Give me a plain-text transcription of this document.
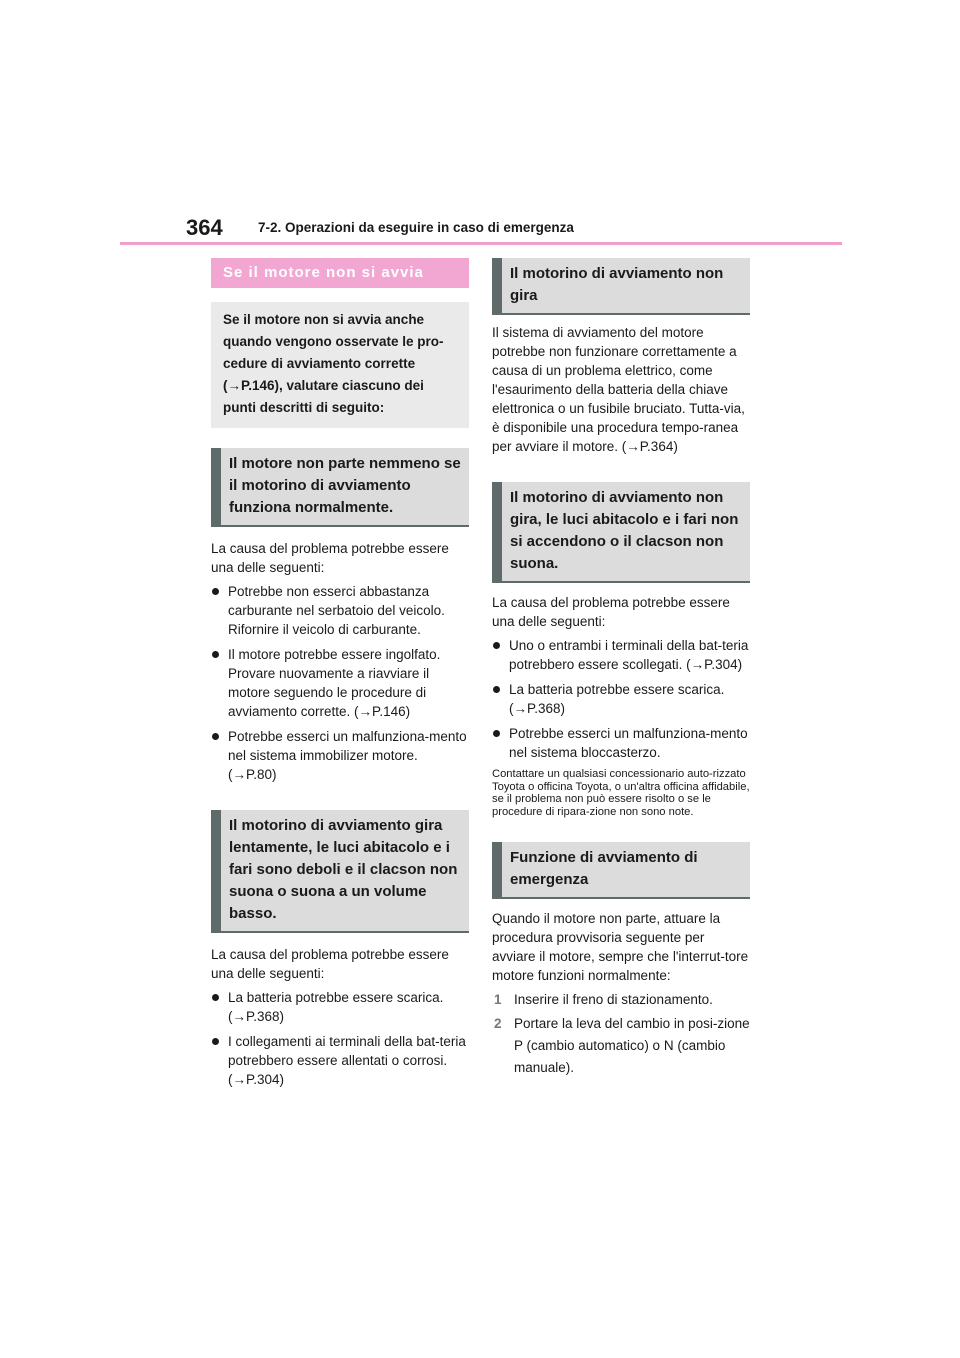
364	7-2. Operazioni da eseguire in caso di emergenza
Se il motore non si avvia
Se il motore non si avvia anche quando vengono osservate le pro-cedure di avviamento corrette (→P.146), valutare ciascuno dei punti descritti di seguito:
Il motore non parte nemmeno se il motorino di avviamento funziona normalmente.

La causa del problema potrebbe essere una delle seguenti:

Potrebbe non esserci abbastanza carburante nel serbatoio del veicolo. Rifornire il veicolo di carburante.
Il motore potrebbe essere ingolfato. Provare nuovamente a riavviare il motore seguendo le procedure di avviamento corrette. (→P.146)
Potrebbe esserci un malfunziona-mento nel sistema immobilizer motore. (→P.80)
Il motorino di avviamento gira lentamente, le luci abitacolo e i fari sono deboli e il clacson non suona o suona a un volume basso.

La causa del problema potrebbe essere una delle seguenti:

La batteria potrebbe essere scarica. (→P.368)
I collegamenti ai terminali della bat-teria potrebbero essere allentati o corrosi. (→P.304)
Il motorino di avviamento non gira

Il sistema di avviamento del motore potrebbe non funzionare correttamente a causa di un problema elettrico, come l'esaurimento della batteria della chiave elettronica o un fusibile bruciato. Tutta-via, è disponibile una procedura tempo-ranea per avviare il motore. (→P.364)

Il motorino di avviamento non gira, le luci abitacolo e i fari non si accendono o il clacson non suona.

La causa del problema potrebbe essere una delle seguenti:

Uno o entrambi i terminali della bat-teria potrebbero essere scollegati. (→P.304)
La batteria potrebbe essere scarica. (→P.368)
Potrebbe esserci un malfunziona-mento nel sistema bloccasterzo.

Contattare un qualsiasi concessionario auto-rizzato Toyota o officina Toyota, o un'altra officina affidabile, se il problema non può essere risolto o se le procedure di ripara-zione non sono note.

Funzione di avviamento di emergenza

Quando il motore non parte, attuare la procedura provvisoria seguente per avviare il motore, sempre che l'interrut-tore motore funzioni normalmente:

1 Inserire il freno di stazionamento.
2 Portare la leva del cambio in posi-zione P (cambio automatico) o N (cambio manuale).
